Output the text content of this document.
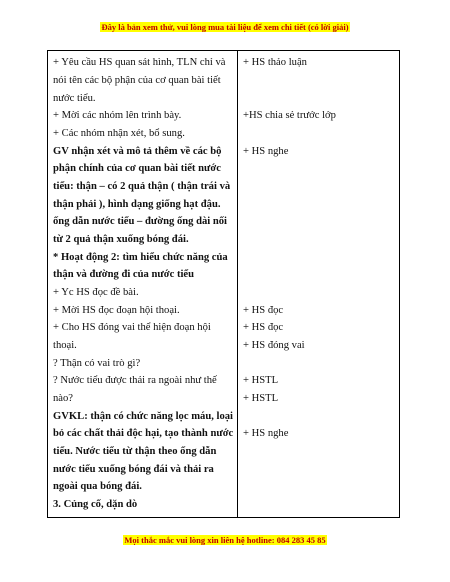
Đây là bản xem thử, vui lòng mua tài liệu để xem chi tiết (có lời giải)
+ Yêu cầu HS quan sát hình, TLN chỉ và
nói tên các bộ phận của cơ quan bài tiết
nước tiểu.
+ Mời các nhóm lên trình bày.
+ Các nhóm nhận xét, bổ sung.
GV nhận xét và mô tả thêm về các bộ
phận chính của cơ quan bài tiết nước
tiểu: thận – có 2 quả thận ( thận trái và
thận phải ), hình dạng giống hạt đậu.
ống dẫn nước tiểu – đường ống dài nối
từ 2 quả thận xuống bóng đái.
* Hoạt động 2: tìm hiểu chức năng của
thận và đường đi của nước tiểu
+ Yc HS đọc đề bài.
+ Mời HS đọc đoạn hội thoại.
+ Cho HS đóng vai thể hiện đoạn hội
thoại.
? Thận có vai trò gì?
? Nước tiểu được thải ra ngoài như thế
nào?
GVKL: thận có chức năng lọc máu, loại
bỏ các chất thải độc hại, tạo thành nước
tiểu. Nước tiểu từ thận theo ống dẫn
nước tiểu xuống bóng đái và thải ra
ngoài qua bóng đái.
3. Củng cố, dặn dò
+ HS thảo luận
+HS chia sẻ trước lớp
+ HS nghe
+ HS đọc
+ HS đọc
+ HS đóng vai
+ HSTL
+ HSTL
+ HS nghe
Mọi thắc mắc vui lòng xin liên hệ hotline: 084 283 45 85
